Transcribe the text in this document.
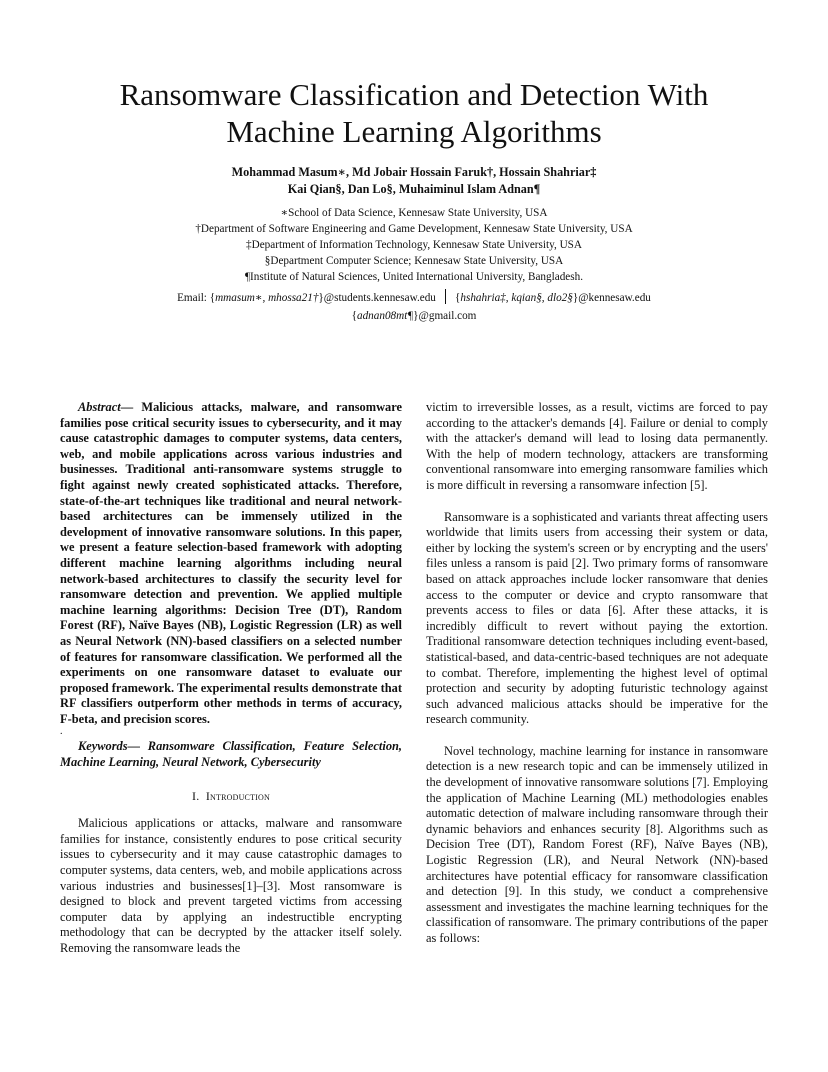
Ransomware Classification and Detection With
Machine Learning Algorithms
Mohammad Masum∗, Md Jobair Hossain Faruk†, Hossain Shahriar‡
Kai Qian§, Dan Lo§, Muhaiminul Islam Adnan¶
∗School of Data Science, Kennesaw State University, USA
†Department of Software Engineering and Game Development, Kennesaw State University, USA
‡Department of Information Technology, Kennesaw State University, USA
§Department Computer Science; Kennesaw State University, USA
¶Institute of Natural Sciences, United International University, Bangladesh.
Email: {mmasum∗, mhossa21†}@students.kennesaw.edu {hshahria‡, kqian§, dlo2§}@kennesaw.edu
{adnan08mt¶}@gmail.com

Abstract— Malicious attacks, malware, and ransomware families pose critical security issues to cybersecurity, and it may cause catastrophic damages to computer systems, data centers, web, and mobile applications across various industries and businesses. Traditional anti-ransomware systems struggle to fight against newly created sophisticated attacks. Therefore, state-of-the-art techniques like traditional and neural network-based architectures can be immensely utilized in the development of innovative ransomware solutions. In this paper, we present a feature selection-based framework with adopting different machine learning algorithms including neural network-based architectures to classify the security level for ransomware detection and prevention. We applied multiple machine learning algorithms: Decision Tree (DT), Random Forest (RF), Naïve Bayes (NB), Logistic Regression (LR) as well as Neural Network (NN)-based classifiers on a selected number of features for ransomware classification. We performed all the experiments on one ransomware dataset to evaluate our proposed framework. The experimental results demonstrate that RF classifiers outperform other methods in terms of accuracy, F-beta, and precision scores.

.

Keywords— Ransomware Classification, Feature Selection, Machine Learning, Neural Network, Cybersecurity

I. Introduction

Malicious applications or attacks, malware and ransomware families for instance, consistently endures to pose critical security issues to cybersecurity and it may cause catastrophic damages to computer systems, data centers, web, and mobile applications across various industries and businesses[1]–[3]. Most ransomware is designed to block and prevent targeted victims from accessing computer data by applying an indestructible encrypting methodology that can be decrypted by the attacker itself solely. Removing the ransomware leads the

victim to irreversible losses, as a result, victims are forced to pay according to the attacker's demands [4]. Failure or denial to comply with the attacker's demand will lead to losing data permanently. With the help of modern technology, attackers are transforming conventional ransomware into emerging ransomware families which is more difficult in reversing a ransomware infection [5].

Ransomware is a sophisticated and variants threat affecting users worldwide that limits users from accessing their system or data, either by locking the system's screen or by encrypting and the users' files unless a ransom is paid [2]. Two primary forms of ransomware based on attack approaches include locker ransomware that denies access to the computer or device and crypto ransomware that prevents access to files or data [6]. After these attacks, it is incredibly difficult to revert without paying the extortion. Traditional ransomware detection techniques including event-based, statistical-based, and data-centric-based techniques are not adequate to combat. Therefore, implementing the highest level of optimal protection and security by adopting futuristic technology against such advanced malicious attacks should be imperative for the research community.

Novel technology, machine learning for instance in ransomware detection is a new research topic and can be immensely utilized in the development of innovative ransomware solutions [7]. Employing the application of Machine Learning (ML) methodologies enables automatic detection of malware including ransomware through their dynamic behaviors and enhances security [8]. Algorithms such as Decision Tree (DT), Random Forest (RF), Naïve Bayes (NB), Logistic Regression (LR), and Neural Network (NN)-based architectures have potential efficacy for ransomware classification and detection [9]. In this study, we conduct a comprehensive assessment and investigates the machine learning techniques for the classification of ransomware. The primary contributions of the paper as follows:
